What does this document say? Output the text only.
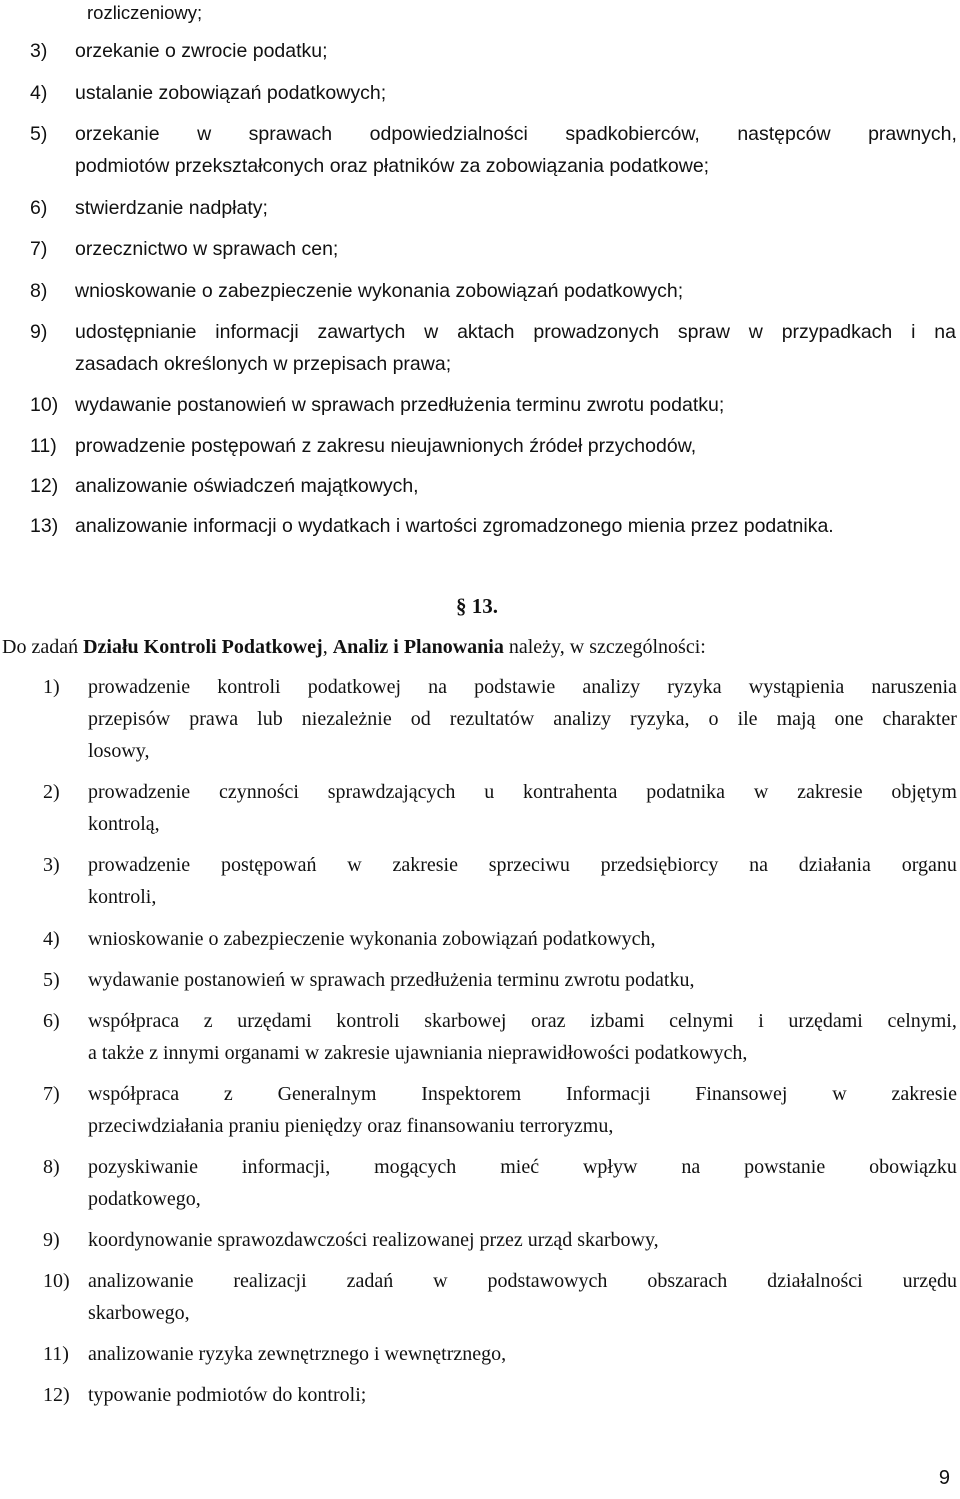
rozliczeniowy;
3) orzekanie o zwrocie podatku;
4) ustalanie zobowiązań podatkowych;
5) orzekanie w sprawach odpowiedzialności spadkobierców, następców prawnych,
podmiotów przekształconych oraz płatników za zobowiązania podatkowe;
6) stwierdzanie nadpłaty;
7) orzecznictwo w sprawach cen;
8) wnioskowanie o zabezpieczenie wykonania zobowiązań podatkowych;
9) udostępnianie informacji zawartych w aktach prowadzonych spraw w przypadkach i na
zasadach określonych w przepisach prawa;
10) wydawanie postanowień w sprawach przedłużenia terminu zwrotu podatku;
11) prowadzenie postępowań z zakresu nieujawnionych źródeł przychodów,
12) analizowanie oświadczeń majątkowych,
13) analizowanie informacji o wydatkach i wartości zgromadzonego mienia przez podatnika.
§ 13.
Do zadań Działu Kontroli Podatkowej, Analiz i Planowania należy, w szczególności:
1) prowadzenie kontroli podatkowej na podstawie analizy ryzyka wystąpienia naruszenia
przepisów prawa lub niezależnie od rezultatów analizy ryzyka, o ile mają one charakter
losowy,
2) prowadzenie czynności sprawdzających u kontrahenta podatnika w zakresie objętym
kontrolą,
3) prowadzenie postępowań w zakresie sprzeciwu przedsiębiorcy na działania organu
kontroli,
4) wnioskowanie o zabezpieczenie wykonania zobowiązań podatkowych,
5) wydawanie postanowień w sprawach przedłużenia terminu zwrotu podatku,
6) współpraca z urzędami kontroli skarbowej oraz izbami celnymi i urzędami celnymi,
a także z innymi organami w zakresie ujawniania nieprawidłowości podatkowych,
7) współpraca z Generalnym Inspektorem Informacji Finansowej w zakresie
przeciwdziałania praniu pieniędzy oraz finansowaniu terroryzmu,
8) pozyskiwanie informacji, mogących mieć wpływ na powstanie obowiązku
podatkowego,
9) koordynowanie sprawozdawczości realizowanej przez urząd skarbowy,
10) analizowanie realizacji zadań w podstawowych obszarach działalności urzędu
skarbowego,
11) analizowanie ryzyka zewnętrznego i wewnętrznego,
12) typowanie podmiotów do kontroli;
9
